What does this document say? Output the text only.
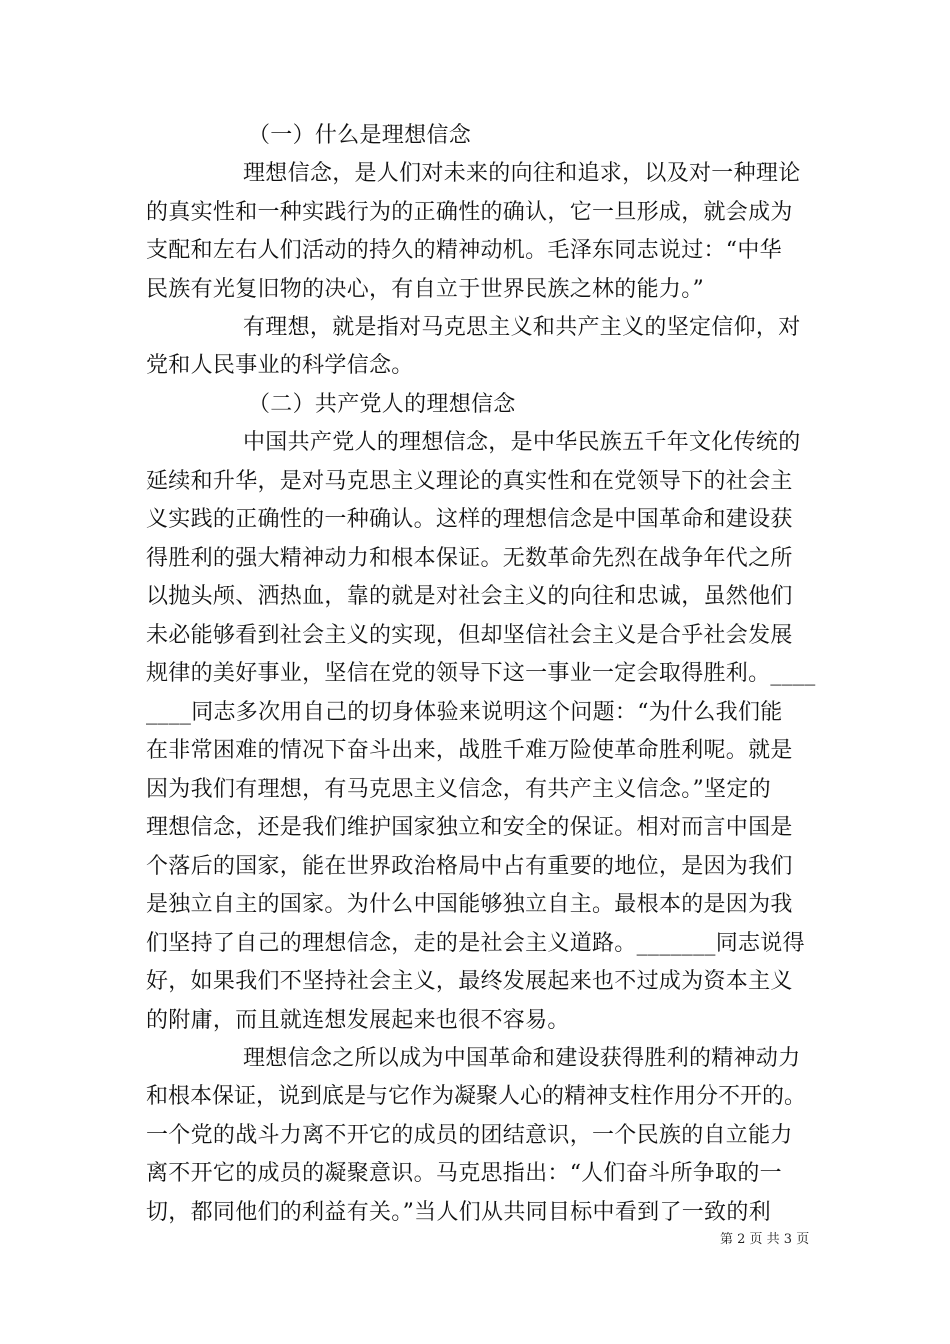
（一）什么是理想信念
理想信念，是人们对未来的向往和追求，以及对一种理论
的真实性和一种实践行为的正确性的确认，它一旦形成，就会成为
支配和左右人们活动的持久的精神动机。毛泽东同志说过：“中华
民族有光复旧物的决心，有自立于世界民族之林的能力。”
有理想，就是指对马克思主义和共产主义的坚定信仰，对
党和人民事业的科学信念。
（二）共产党人的理想信念
中国共产党人的理想信念，是中华民族五千年文化传统的
延续和升华，是对马克思主义理论的真实性和在党领导下的社会主
义实践的正确性的一种确认。这样的理想信念是中国革命和建设获
得胜利的强大精神动力和根本保证。无数革命先烈在战争年代之所
以抛头颅、洒热血，靠的就是对社会主义的向往和忠诚，虽然他们
未必能够看到社会主义的实现，但却坚信社会主义是合乎社会发展
规律的美好事业，坚信在党的领导下这一事业一定会取得胜利。____
____同志多次用自己的切身体验来说明这个问题：“为什么我们能
在非常困难的情况下奋斗出来，战胜千难万险使革命胜利呢。就是
因为我们有理想，有马克思主义信念，有共产主义信念。”坚定的
理想信念，还是我们维护国家独立和安全的保证。相对而言中国是
个落后的国家，能在世界政治格局中占有重要的地位，是因为我们
是独立自主的国家。为什么中国能够独立自主。最根本的是因为我
们坚持了自己的理想信念，走的是社会主义道路。_______同志说得
好，如果我们不坚持社会主义，最终发展起来也不过成为资本主义
的附庸，而且就连想发展起来也很不容易。
理想信念之所以成为中国革命和建设获得胜利的精神动力
和根本保证，说到底是与它作为凝聚人心的精神支柱作用分不开的。
一个党的战斗力离不开它的成员的团结意识，一个民族的自立能力
离不开它的成员的凝聚意识。马克思指出：“人们奋斗所争取的一
切，都同他们的利益有关。”当人们从共同目标中看到了一致的利
第 2 页 共 3 页
